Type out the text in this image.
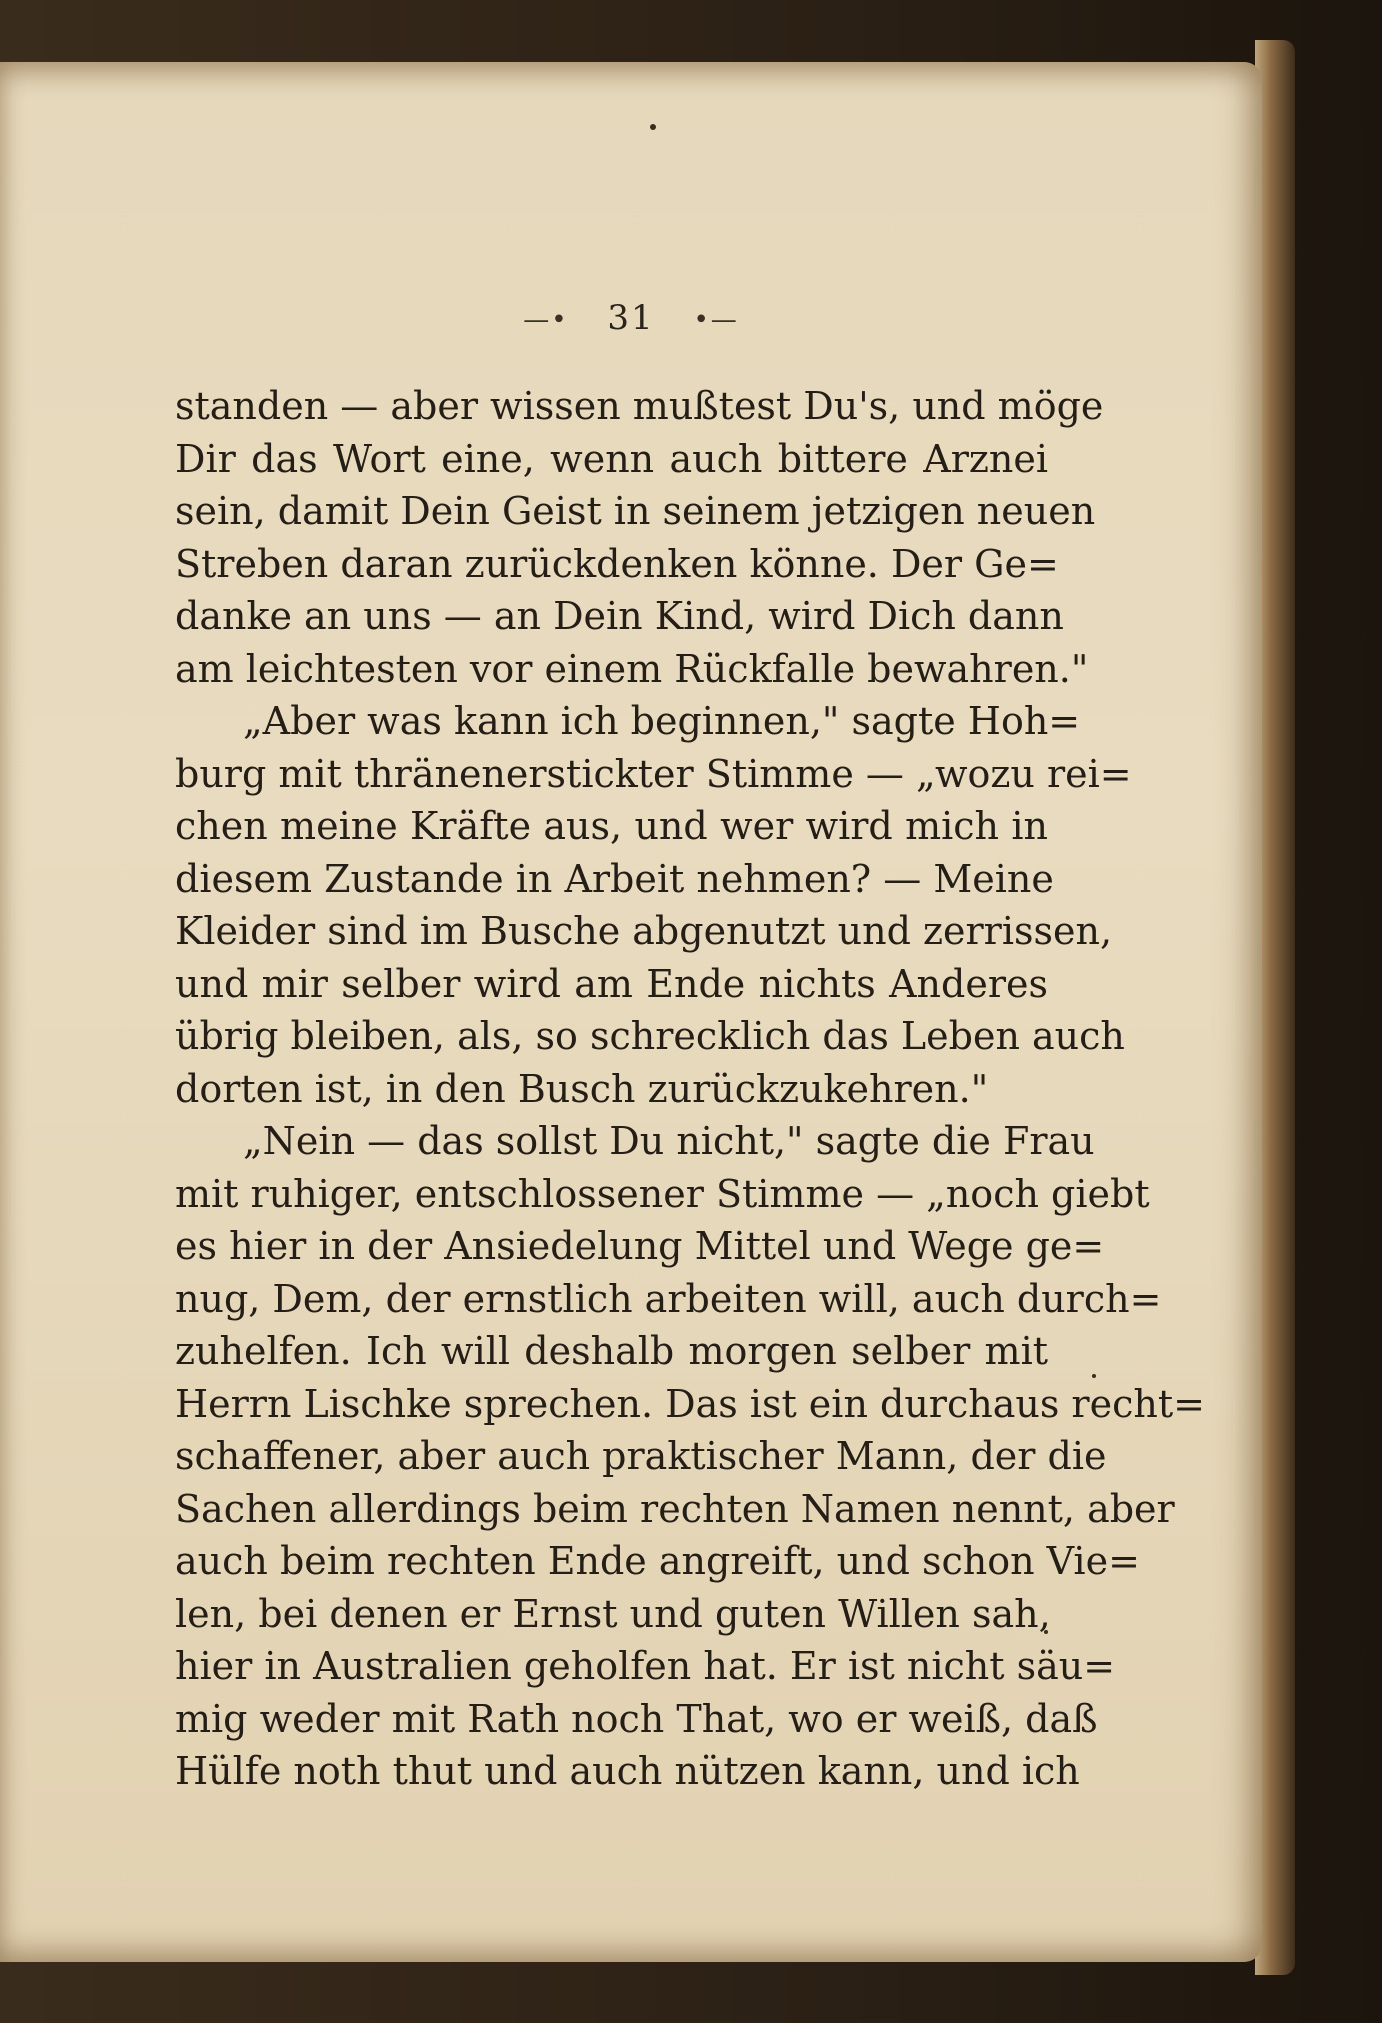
—• 31 •—
standen — aber wissen mußtest Du's, und möge
Dir das Wort eine, wenn auch bittere Arznei
sein, damit Dein Geist in seinem jetzigen neuen
Streben daran zurückdenken könne. Der Ge=
danke an uns — an Dein Kind, wird Dich dann
am leichtesten vor einem Rückfalle bewahren."
„Aber was kann ich beginnen," sagte Hoh=
burg mit thränenerstickter Stimme — „wozu rei=
chen meine Kräfte aus, und wer wird mich in
diesem Zustande in Arbeit nehmen? — Meine
Kleider sind im Busche abgenutzt und zerrissen,
und mir selber wird am Ende nichts Anderes
übrig bleiben, als, so schrecklich das Leben auch
dorten ist, in den Busch zurückzukehren."
„Nein — das sollst Du nicht," sagte die Frau
mit ruhiger, entschlossener Stimme — „noch giebt
es hier in der Ansiedelung Mittel und Wege ge=
nug, Dem, der ernstlich arbeiten will, auch durch=
zuhelfen. Ich will deshalb morgen selber mit
Herrn Lischke sprechen. Das ist ein durchaus recht=
schaffener, aber auch praktischer Mann, der die
Sachen allerdings beim rechten Namen nennt, aber
auch beim rechten Ende angreift, und schon Vie=
len, bei denen er Ernst und guten Willen sah,
hier in Australien geholfen hat. Er ist nicht säu=
mig weder mit Rath noch That, wo er weiß, daß
Hülfe noth thut und auch nützen kann, und ich
